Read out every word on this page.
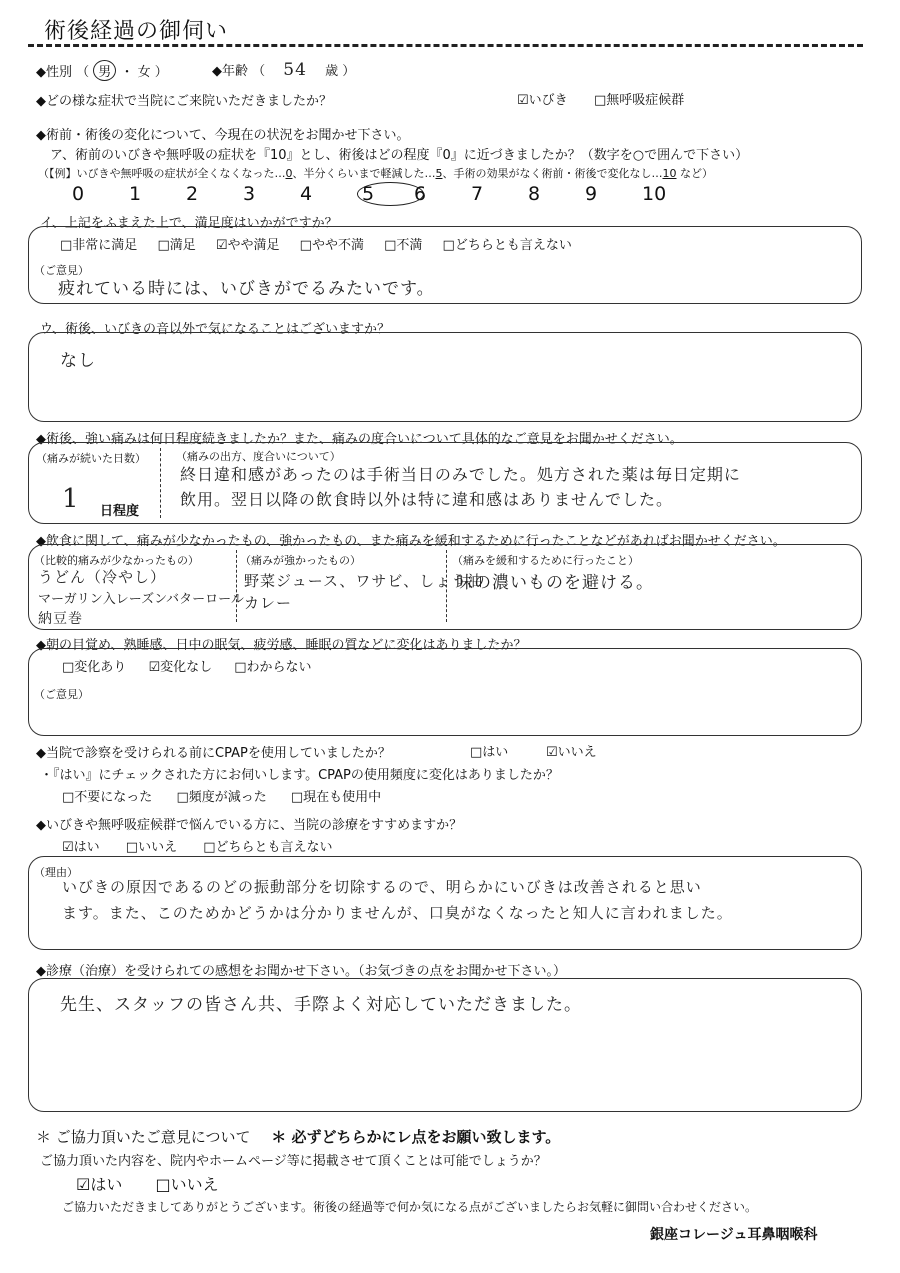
術後経過の御伺い
◆性別 （ 男 ・ 女 ）	◆年齢 （ 54 歳 ）
◆どの様な症状で当院にご来院いただきましたか？	☑いびき □無呼吸症候群
◆術前・術後の変化について、今現在の状況をお聞かせ下さい。
ア、術前のいびきや無呼吸の症状を『10』とし、術後はどの程度『0』に近づきましたか？（数字を○で囲んで下さい）
（【例】いびきや無呼吸の症状が全くなくなった…0、半分くらいまで軽減した…5、手術の効果がなく術前・術後で変化なし…10 など）
0 1 2 3 4	5 6 7 8 9 10
イ、上記をふまえた上で、満足度はいかがですか？
□非常に満足 □満足 ☑やや満足 □やや不満 □不満 □どちらとも言えない
（ご意見）
疲れている時には、いびきがでるみたいです。
ウ、術後、いびきの音以外で気になることはございますか？
なし
◆術後、強い痛みは何日程度続きましたか？また、痛みの度合いについて具体的なご意見をお聞かせください。
（痛みが続いた日数）
1 日程度
（痛みの出方、度合いについて）
終日違和感があったのは手術当日のみでした。処方された薬は毎日定期に
飲用。翌日以降の飲食時以外は特に違和感はありませんでした。
◆飲食に関して、痛みが少なかったもの、強かったもの、また痛みを緩和するために行ったことなどがあればお聞かせください。
（比較的痛みが少なかったもの）
うどん（冷やし）
マーガリン入レーズンバターロール
納豆巻
（痛みが強かったもの）
野菜ジュース、ワサビ、しょう油
カレー
（痛みを緩和するために行ったこと）
味の濃いものを避ける。
◆朝の目覚め、熟睡感、日中の眠気、疲労感、睡眠の質などに変化はありましたか？
□変化あり ☑変化なし □わからない
（ご意見）
◆当院で診察を受けられる前にCPAPを使用していましたか？	□はい	☑いいえ
・『はい』にチェックされた方にお伺いします。CPAPの使用頻度に変化はありましたか？
□不要になった □頻度が減った □現在も使用中
◆いびきや無呼吸症候群で悩んでいる方に、当院の診療をすすめますか？
☑はい □いいえ □どちらとも言えない
（理由）
いびきの原因であるのどの振動部分を切除するので、明らかにいびきは改善されると思い
ます。また、このためかどうかは分かりませんが、口臭がなくなったと知人に言われました。
◆診療（治療）を受けられての感想をお聞かせ下さい。（お気づきの点をお聞かせ下さい。）
先生、スタッフの皆さん共、手際よく対応していただきました。
＊ ご協力頂いたご意見について ＊ 必ずどちらかにレ点をお願い致します。
ご協力頂いた内容を、院内やホームページ等に掲載させて頂くことは可能でしょうか？
☑はい □いいえ
ご協力いただきましてありがとうございます。術後の経過等で何か気になる点がございましたらお気軽に御問い合わせください。
銀座コレージュ耳鼻咽喉科
